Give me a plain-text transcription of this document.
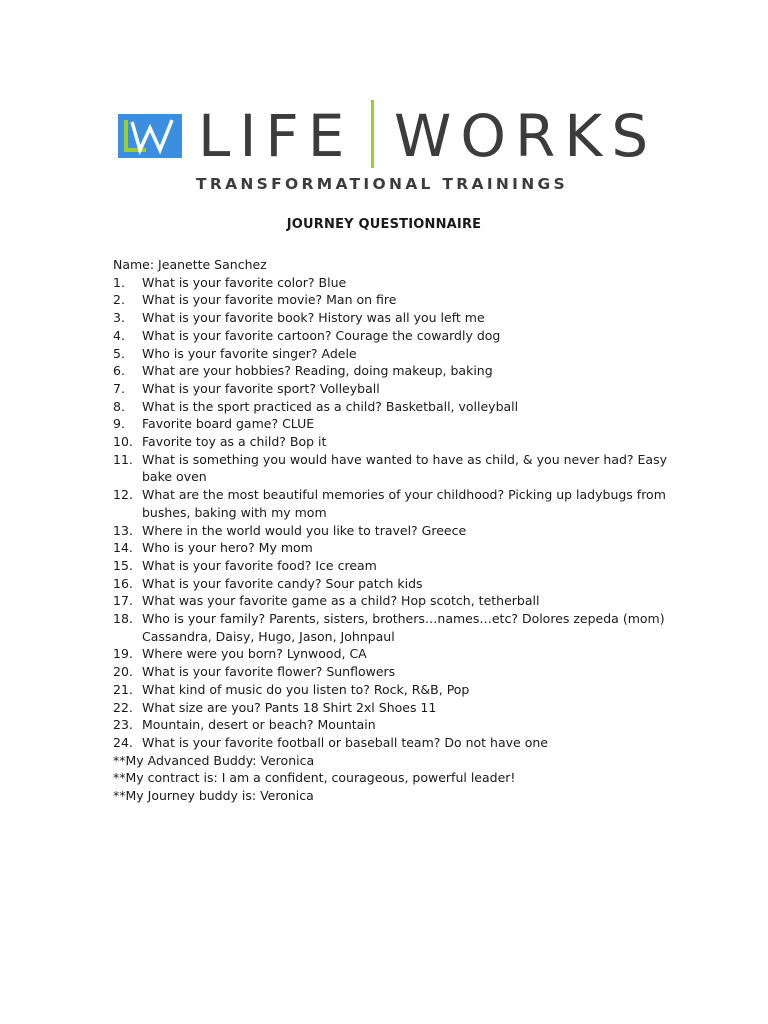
LIFE WORKS
TRANSFORMATIONAL TRAININGS
JOURNEY QUESTIONNAIRE
Name: Jeanette Sanchez
1. What is your favorite color? Blue
2. What is your favorite movie? Man on fire
3. What is your favorite book? History was all you left me
4. What is your favorite cartoon? Courage the cowardly dog
5. Who is your favorite singer? Adele
6. What are your hobbies? Reading, doing makeup, baking
7. What is your favorite sport? Volleyball
8. What is the sport practiced as a child? Basketball, volleyball
9. Favorite board game? CLUE
10. Favorite toy as a child? Bop it
11. What is something you would have wanted to have as child, & you never had? Easy bake oven
12. What are the most beautiful memories of your childhood? Picking up ladybugs from bushes, baking with my mom
13. Where in the world would you like to travel? Greece
14. Who is your hero? My mom
15. What is your favorite food? Ice cream
16. What is your favorite candy? Sour patch kids
17. What was your favorite game as a child? Hop scotch, tetherball
18. Who is your family? Parents, sisters, brothers…names…etc? Dolores zepeda (mom) Cassandra, Daisy, Hugo, Jason, Johnpaul
19. Where were you born? Lynwood, CA
20. What is your favorite flower? Sunflowers
21. What kind of music do you listen to? Rock, R&B, Pop
22. What size are you? Pants 18 Shirt 2xl Shoes 11
23. Mountain, desert or beach? Mountain
24. What is your favorite football or baseball team? Do not have one
**My Advanced Buddy: Veronica
**My contract is: I am a confident, courageous, powerful leader!
**My Journey buddy is: Veronica
